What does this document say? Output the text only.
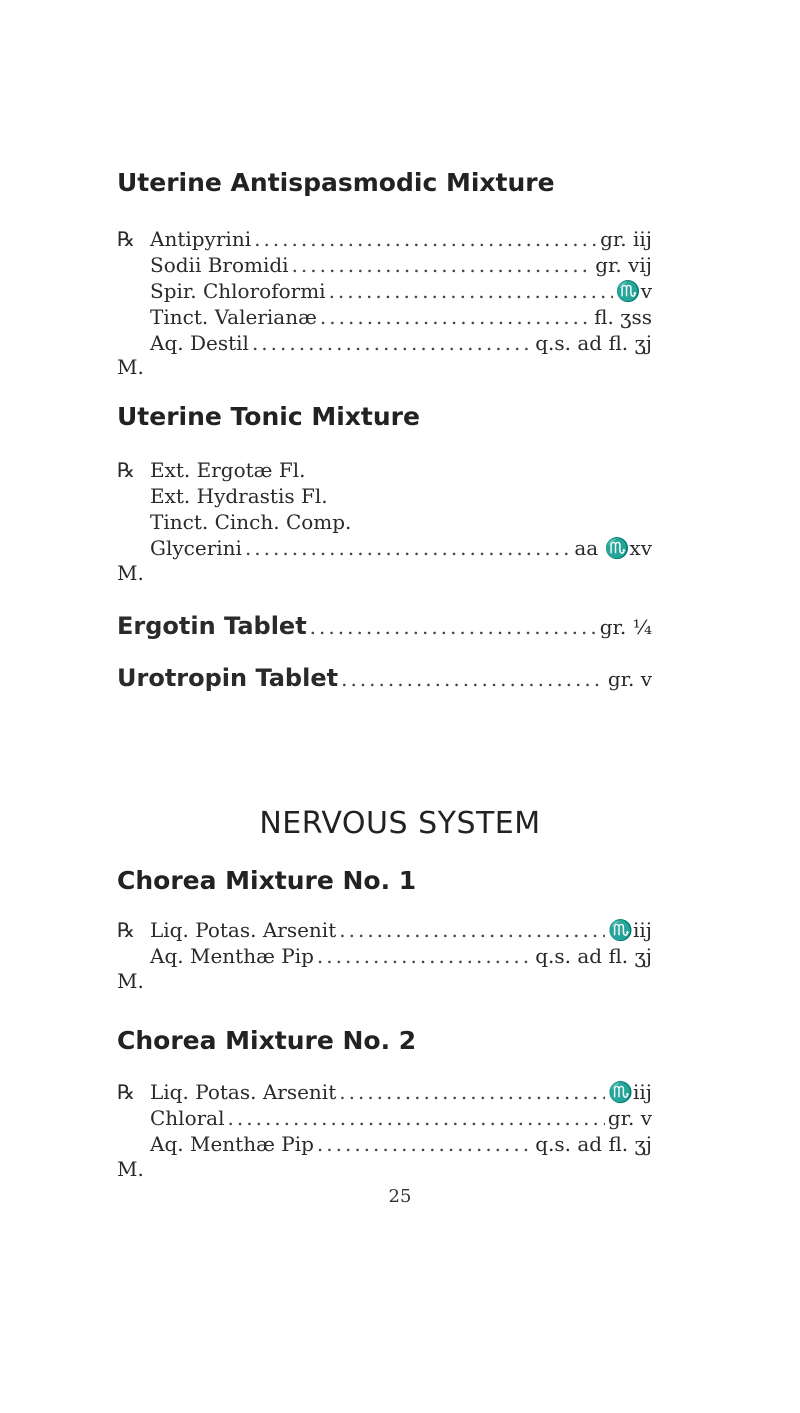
Uterine Antispasmodic Mixture
℞ Antipyrini .....	gr. iij
Sodii Bromidi .....	gr. vij
Spir. Chloroformi .....	♏v
Tinct. Valerianæ .....	fl. ʒss
Aq. Destil .....	q.s. ad fl. ʒj
M.
Uterine Tonic Mixture
℞ Ext. Ergotæ Fl.
Ext. Hydrastis Fl.
Tinct. Cinch. Comp.
Glycerini .....	aa ♏xv
M.
Ergotin Tablet .....	gr. ¼
Urotropin Tablet .....	gr. v
NERVOUS SYSTEM
Chorea Mixture No. 1
℞ Liq. Potas. Arsenit .....	♏iij
Aq. Menthæ Pip .....	q.s. ad fl. ʒj
M.
Chorea Mixture No. 2
℞ Liq. Potas. Arsenit .....	♏iij
Chloral .....	gr. v
Aq. Menthæ Pip .....	q.s. ad fl. ʒj
M.
25
